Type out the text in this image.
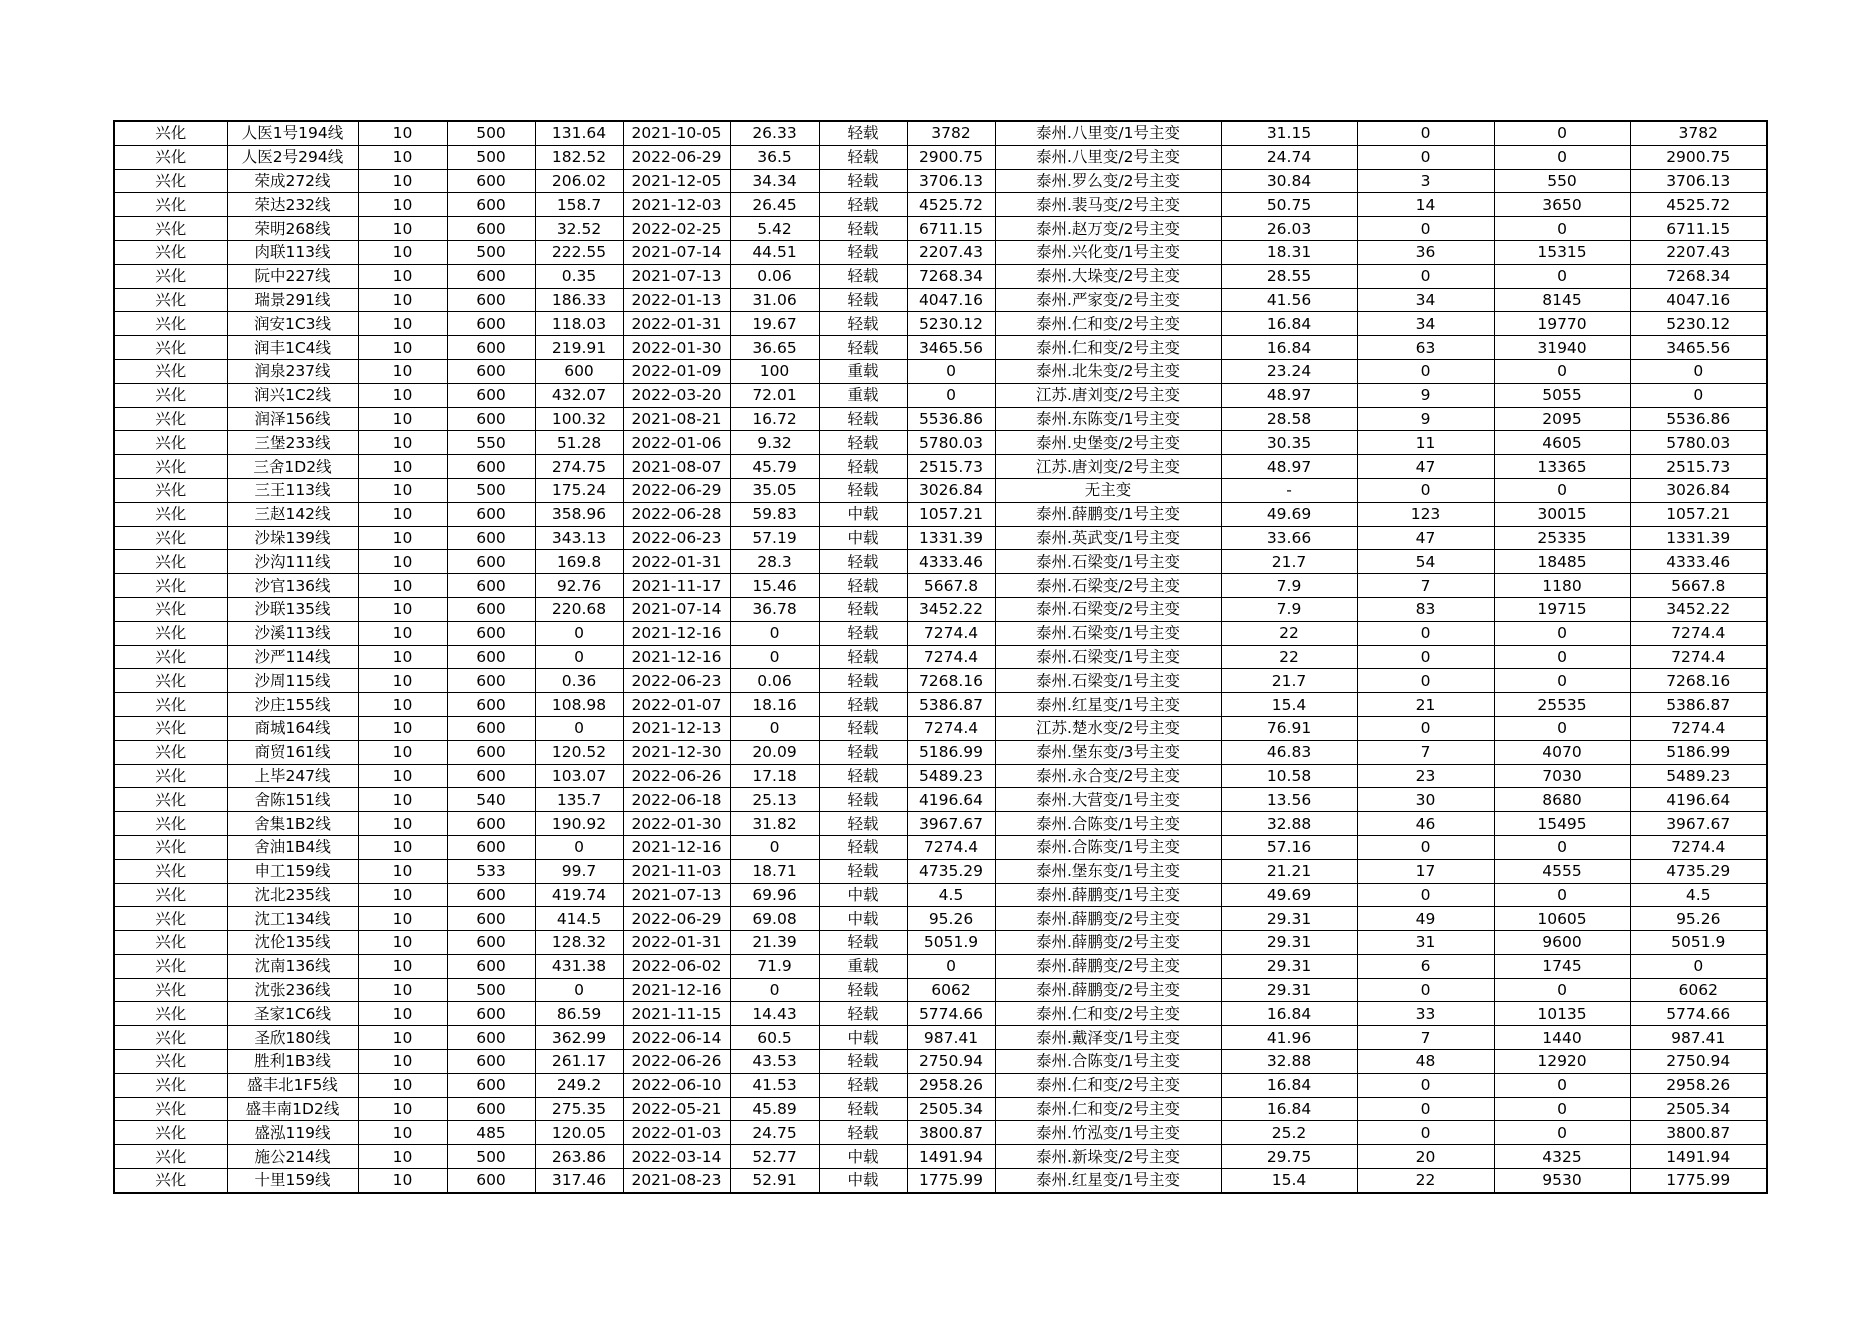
兴化	人医1号194线	10	500	131.64	2021-10-05	26.33	轻载	3782	泰州.八里变/1号主变	31.15	0	0	3782
兴化	人医2号294线	10	500	182.52	2022-06-29	36.5	轻载	2900.75	泰州.八里变/2号主变	24.74	0	0	2900.75
兴化	荣成272线	10	600	206.02	2021-12-05	34.34	轻载	3706.13	泰州.罗么变/2号主变	30.84	3	550	3706.13
兴化	荣达232线	10	600	158.7	2021-12-03	26.45	轻载	4525.72	泰州.裴马变/2号主变	50.75	14	3650	4525.72
兴化	荣明268线	10	600	32.52	2022-02-25	5.42	轻载	6711.15	泰州.赵万变/2号主变	26.03	0	0	6711.15
兴化	肉联113线	10	500	222.55	2021-07-14	44.51	轻载	2207.43	泰州.兴化变/1号主变	18.31	36	15315	2207.43
兴化	阮中227线	10	600	0.35	2021-07-13	0.06	轻载	7268.34	泰州.大垛变/2号主变	28.55	0	0	7268.34
兴化	瑞景291线	10	600	186.33	2022-01-13	31.06	轻载	4047.16	泰州.严家变/2号主变	41.56	34	8145	4047.16
兴化	润安1C3线	10	600	118.03	2022-01-31	19.67	轻载	5230.12	泰州.仁和变/2号主变	16.84	34	19770	5230.12
兴化	润丰1C4线	10	600	219.91	2022-01-30	36.65	轻载	3465.56	泰州.仁和变/2号主变	16.84	63	31940	3465.56
兴化	润泉237线	10	600	600	2022-01-09	100	重载	0	泰州.北朱变/2号主变	23.24	0	0	0
兴化	润兴1C2线	10	600	432.07	2022-03-20	72.01	重载	0	江苏.唐刘变/2号主变	48.97	9	5055	0
兴化	润泽156线	10	600	100.32	2021-08-21	16.72	轻载	5536.86	泰州.东陈变/1号主变	28.58	9	2095	5536.86
兴化	三堡233线	10	550	51.28	2022-01-06	9.32	轻载	5780.03	泰州.史堡变/2号主变	30.35	11	4605	5780.03
兴化	三舍1D2线	10	600	274.75	2021-08-07	45.79	轻载	2515.73	江苏.唐刘变/2号主变	48.97	47	13365	2515.73
兴化	三王113线	10	500	175.24	2022-06-29	35.05	轻载	3026.84	无主变	-	0	0	3026.84
兴化	三赵142线	10	600	358.96	2022-06-28	59.83	中载	1057.21	泰州.薛鹏变/1号主变	49.69	123	30015	1057.21
兴化	沙垛139线	10	600	343.13	2022-06-23	57.19	中载	1331.39	泰州.英武变/1号主变	33.66	47	25335	1331.39
兴化	沙沟111线	10	600	169.8	2022-01-31	28.3	轻载	4333.46	泰州.石梁变/1号主变	21.7	54	18485	4333.46
兴化	沙官136线	10	600	92.76	2021-11-17	15.46	轻载	5667.8	泰州.石梁变/2号主变	7.9	7	1180	5667.8
兴化	沙联135线	10	600	220.68	2021-07-14	36.78	轻载	3452.22	泰州.石梁变/2号主变	7.9	83	19715	3452.22
兴化	沙溪113线	10	600	0	2021-12-16	0	轻载	7274.4	泰州.石梁变/1号主变	22	0	0	7274.4
兴化	沙严114线	10	600	0	2021-12-16	0	轻载	7274.4	泰州.石梁变/1号主变	22	0	0	7274.4
兴化	沙周115线	10	600	0.36	2022-06-23	0.06	轻载	7268.16	泰州.石梁变/1号主变	21.7	0	0	7268.16
兴化	沙庄155线	10	600	108.98	2022-01-07	18.16	轻载	5386.87	泰州.红星变/1号主变	15.4	21	25535	5386.87
兴化	商城164线	10	600	0	2021-12-13	0	轻载	7274.4	江苏.楚水变/2号主变	76.91	0	0	7274.4
兴化	商贸161线	10	600	120.52	2021-12-30	20.09	轻载	5186.99	泰州.堡东变/3号主变	46.83	7	4070	5186.99
兴化	上毕247线	10	600	103.07	2022-06-26	17.18	轻载	5489.23	泰州.永合变/2号主变	10.58	23	7030	5489.23
兴化	舍陈151线	10	540	135.7	2022-06-18	25.13	轻载	4196.64	泰州.大营变/1号主变	13.56	30	8680	4196.64
兴化	舍集1B2线	10	600	190.92	2022-01-30	31.82	轻载	3967.67	泰州.合陈变/1号主变	32.88	46	15495	3967.67
兴化	舍油1B4线	10	600	0	2021-12-16	0	轻载	7274.4	泰州.合陈变/1号主变	57.16	0	0	7274.4
兴化	申工159线	10	533	99.7	2021-11-03	18.71	轻载	4735.29	泰州.堡东变/1号主变	21.21	17	4555	4735.29
兴化	沈北235线	10	600	419.74	2021-07-13	69.96	中载	4.5	泰州.薛鹏变/1号主变	49.69	0	0	4.5
兴化	沈工134线	10	600	414.5	2022-06-29	69.08	中载	95.26	泰州.薛鹏变/2号主变	29.31	49	10605	95.26
兴化	沈伦135线	10	600	128.32	2022-01-31	21.39	轻载	5051.9	泰州.薛鹏变/2号主变	29.31	31	9600	5051.9
兴化	沈南136线	10	600	431.38	2022-06-02	71.9	重载	0	泰州.薛鹏变/2号主变	29.31	6	1745	0
兴化	沈张236线	10	500	0	2021-12-16	0	轻载	6062	泰州.薛鹏变/2号主变	29.31	0	0	6062
兴化	圣家1C6线	10	600	86.59	2021-11-15	14.43	轻载	5774.66	泰州.仁和变/2号主变	16.84	33	10135	5774.66
兴化	圣欣180线	10	600	362.99	2022-06-14	60.5	中载	987.41	泰州.戴泽变/1号主变	41.96	7	1440	987.41
兴化	胜利1B3线	10	600	261.17	2022-06-26	43.53	轻载	2750.94	泰州.合陈变/1号主变	32.88	48	12920	2750.94
兴化	盛丰北1F5线	10	600	249.2	2022-06-10	41.53	轻载	2958.26	泰州.仁和变/2号主变	16.84	0	0	2958.26
兴化	盛丰南1D2线	10	600	275.35	2022-05-21	45.89	轻载	2505.34	泰州.仁和变/2号主变	16.84	0	0	2505.34
兴化	盛泓119线	10	485	120.05	2022-01-03	24.75	轻载	3800.87	泰州.竹泓变/1号主变	25.2	0	0	3800.87
兴化	施公214线	10	500	263.86	2022-03-14	52.77	中载	1491.94	泰州.新垛变/2号主变	29.75	20	4325	1491.94
兴化	十里159线	10	600	317.46	2021-08-23	52.91	中载	1775.99	泰州.红星变/1号主变	15.4	22	9530	1775.99
